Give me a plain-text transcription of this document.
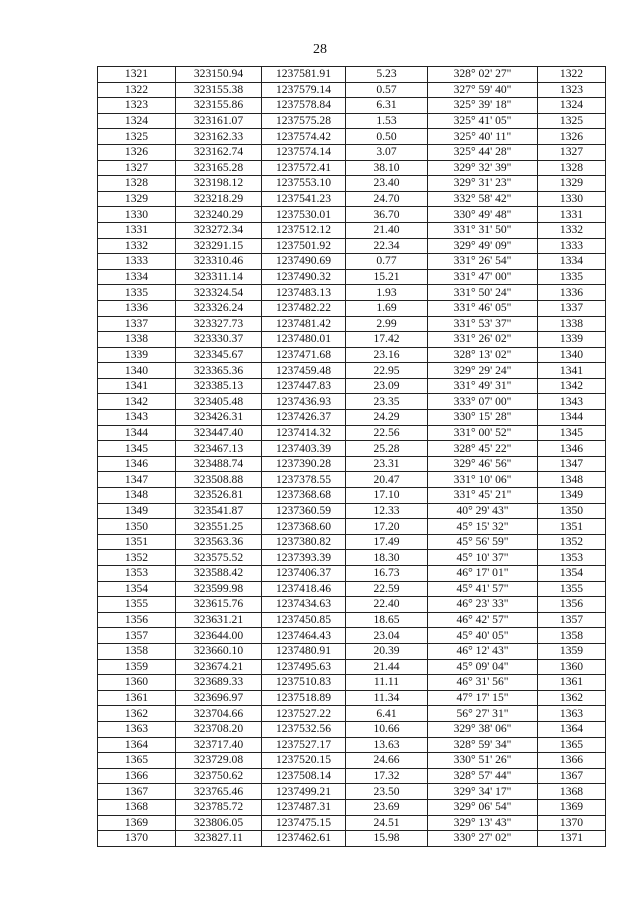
28
1321	323150.94	1237581.91	5.23	328° 02' 27"	1322
1322	323155.38	1237579.14	0.57	327° 59' 40"	1323
1323	323155.86	1237578.84	6.31	325° 39' 18"	1324
1324	323161.07	1237575.28	1.53	325° 41' 05"	1325
1325	323162.33	1237574.42	0.50	325° 40' 11"	1326
1326	323162.74	1237574.14	3.07	325° 44' 28"	1327
1327	323165.28	1237572.41	38.10	329° 32' 39"	1328
1328	323198.12	1237553.10	23.40	329° 31' 23"	1329
1329	323218.29	1237541.23	24.70	332° 58' 42"	1330
1330	323240.29	1237530.01	36.70	330° 49' 48"	1331
1331	323272.34	1237512.12	21.40	331° 31' 50"	1332
1332	323291.15	1237501.92	22.34	329° 49' 09"	1333
1333	323310.46	1237490.69	0.77	331° 26' 54"	1334
1334	323311.14	1237490.32	15.21	331° 47' 00"	1335
1335	323324.54	1237483.13	1.93	331° 50' 24"	1336
1336	323326.24	1237482.22	1.69	331° 46' 05"	1337
1337	323327.73	1237481.42	2.99	331° 53' 37"	1338
1338	323330.37	1237480.01	17.42	331° 26' 02"	1339
1339	323345.67	1237471.68	23.16	328° 13' 02"	1340
1340	323365.36	1237459.48	22.95	329° 29' 24"	1341
1341	323385.13	1237447.83	23.09	331° 49' 31"	1342
1342	323405.48	1237436.93	23.35	333° 07' 00"	1343
1343	323426.31	1237426.37	24.29	330° 15' 28"	1344
1344	323447.40	1237414.32	22.56	331° 00' 52"	1345
1345	323467.13	1237403.39	25.28	328° 45' 22"	1346
1346	323488.74	1237390.28	23.31	329° 46' 56"	1347
1347	323508.88	1237378.55	20.47	331° 10' 06"	1348
1348	323526.81	1237368.68	17.10	331° 45' 21"	1349
1349	323541.87	1237360.59	12.33	40° 29' 43"	1350
1350	323551.25	1237368.60	17.20	45° 15' 32"	1351
1351	323563.36	1237380.82	17.49	45° 56' 59"	1352
1352	323575.52	1237393.39	18.30	45° 10' 37"	1353
1353	323588.42	1237406.37	16.73	46° 17' 01"	1354
1354	323599.98	1237418.46	22.59	45° 41' 57"	1355
1355	323615.76	1237434.63	22.40	46° 23' 33"	1356
1356	323631.21	1237450.85	18.65	46° 42' 57"	1357
1357	323644.00	1237464.43	23.04	45° 40' 05"	1358
1358	323660.10	1237480.91	20.39	46° 12' 43"	1359
1359	323674.21	1237495.63	21.44	45° 09' 04"	1360
1360	323689.33	1237510.83	11.11	46° 31' 56"	1361
1361	323696.97	1237518.89	11.34	47° 17' 15"	1362
1362	323704.66	1237527.22	6.41	56° 27' 31"	1363
1363	323708.20	1237532.56	10.66	329° 38' 06"	1364
1364	323717.40	1237527.17	13.63	328° 59' 34"	1365
1365	323729.08	1237520.15	24.66	330° 51' 26"	1366
1366	323750.62	1237508.14	17.32	328° 57' 44"	1367
1367	323765.46	1237499.21	23.50	329° 34' 17"	1368
1368	323785.72	1237487.31	23.69	329° 06' 54"	1369
1369	323806.05	1237475.15	24.51	329° 13' 43"	1370
1370	323827.11	1237462.61	15.98	330° 27' 02"	1371
